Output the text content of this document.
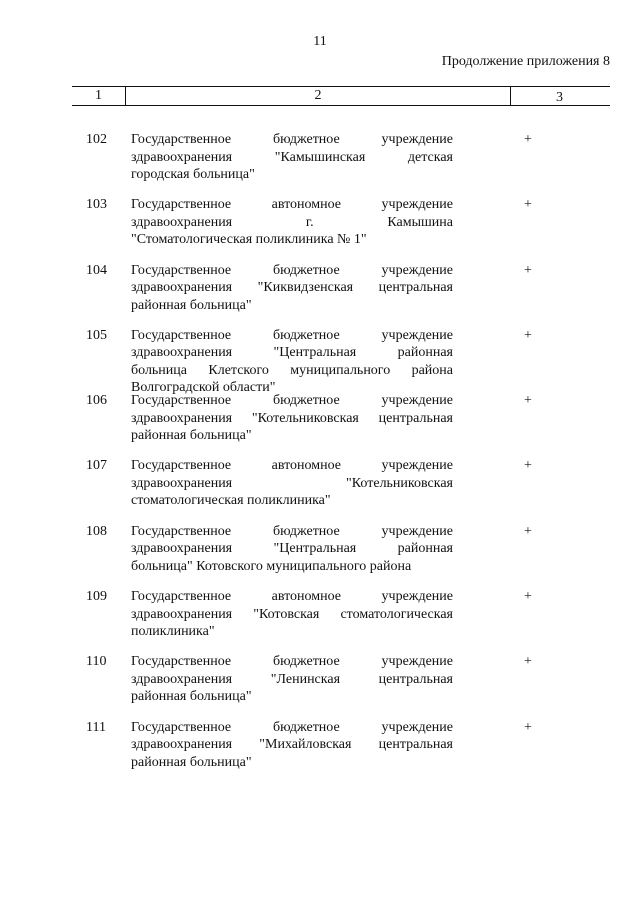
11
Продолжение приложения 8
1	2	3
102 Государственное бюджетное учреждение
здравоохранения "Камышинская детская
городская больница"
+
103 Государственное автономное учреждение
здравоохранения г. Камышина
"Стоматологическая поликлиника № 1"
+
104 Государственное бюджетное учреждение
здравоохранения "Киквидзенская центральная
районная больница"
+
105 Государственное бюджетное учреждение
здравоохранения "Центральная районная
больница Клетского муниципального района
Волгоградской области"
+
106 Государственное бюджетное учреждение
здравоохранения "Котельниковская центральная
районная больница"
+
107 Государственное автономное учреждение
здравоохранения "Котельниковская
стоматологическая поликлиника"
+
108 Государственное бюджетное учреждение
здравоохранения "Центральная районная
больница" Котовского муниципального района
+
109 Государственное автономное учреждение
здравоохранения "Котовская стоматологическая
поликлиника"
+
110 Государственное бюджетное учреждение
здравоохранения "Ленинская центральная
районная больница"
+
111 Государственное бюджетное учреждение
здравоохранения "Михайловская центральная
районная больница"
+
